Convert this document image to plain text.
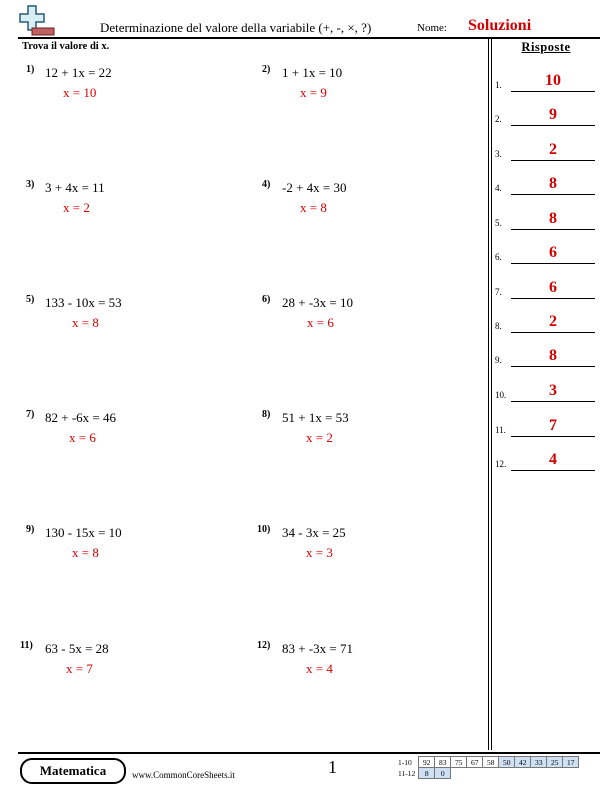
Determinazione del valore della variabile (+, -, ×, ?)	Nome: Soluzioni
Trova il valore di x.	Risposte
1) 12 + 1x = 22
x = 10
2) 1 + 1x = 10
x = 9
3) 3 + 4x = 11
x = 2
4) -2 + 4x = 30
x = 8
5) 133 - 10x = 53
x = 8
6) 28 + -3x = 10
x = 6
7) 82 + -6x = 46
x = 6
8) 51 + 1x = 53
x = 2
9) 130 - 15x = 10
x = 8
10) 34 - 3x = 25
x = 3
11) 63 - 5x = 28
x = 7
12) 83 + -3x = 71
x = 4
1.	10
2.	9
3.	2
4.	8
5.	8
6.	6
7.	6
8.	2
9.	8
10.	3
11.	7
12.	4
Matematica	www.CommonCoreSheets.it	1	1-10	92	83	75	67	58	50	42	33	25	17
11-12	8	0								
